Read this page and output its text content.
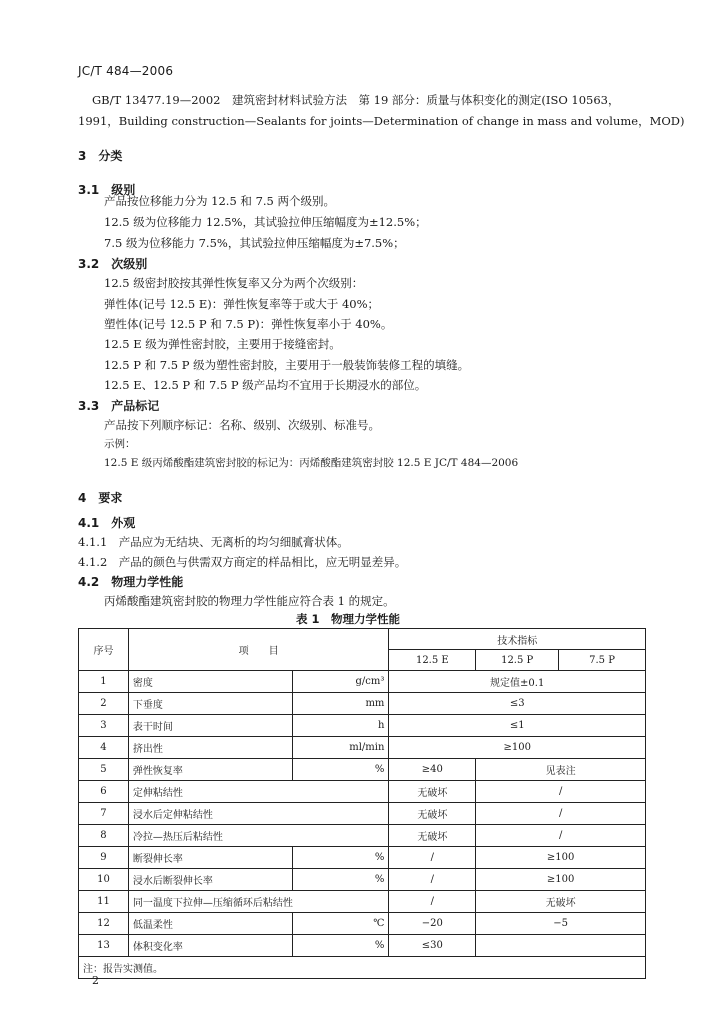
JC/T 484—2006
GB/T 13477.19—2002　建筑密封材料试验方法　第 19 部分：质量与体积变化的测定(ISO 10563，
1991，Building construction—Sealants for joints—Determination of change in mass and volume，MOD)
3　分类
3.1　级别
产品按位移能力分为 12.5 和 7.5 两个级别。
12.5 级为位移能力 12.5%，其试验拉伸压缩幅度为±12.5%；
7.5 级为位移能力 7.5%，其试验拉伸压缩幅度为±7.5%；
3.2　次级别
12.5 级密封胶按其弹性恢复率又分为两个次级别：
弹性体(记号 12.5 E)：弹性恢复率等于或大于 40%；
塑性体(记号 12.5 P 和 7.5 P)：弹性恢复率小于 40%。
12.5 E 级为弹性密封胶，主要用于接缝密封。
12.5 P 和 7.5 P 级为塑性密封胶，主要用于一般装饰装修工程的填缝。
12.5 E、12.5 P 和 7.5 P 级产品均不宜用于长期浸水的部位。
3.3　产品标记
产品按下列顺序标记：名称、级别、次级别、标准号。
示例：
12.5 E 级丙烯酸酯建筑密封胶的标记为：丙烯酸酯建筑密封胶 12.5 E JC/T 484—2006
4　要求
4.1　外观
4.1.1　产品应为无结块、无离析的均匀细腻膏状体。
4.1.2　产品的颜色与供需双方商定的样品相比，应无明显差异。
4.2　物理力学性能
丙烯酸酯建筑密封胶的物理力学性能应符合表 1 的规定。
表 1　物理力学性能
序号	项　　目		技术指标		
			12.5 E	12.5 P	7.5 P
1	密度	g/cm³	规定值±0.1		
2	下垂度	mm	≤3		
3	表干时间	h	≤1		
4	挤出性	ml/min	≥100		
5	弹性恢复率	%	≥40	见表注	
6	定伸粘结性		无破坏	/	
7	浸水后定伸粘结性		无破坏	/	
8	冷拉—热压后粘结性		无破坏	/	
9	断裂伸长率	%	/	≥100	
10	浸水后断裂伸长率	%	/	≥100	
11	同一温度下拉伸—压缩循环后粘结性		/	无破坏	
12	低温柔性	℃	−20	−5	
13	体积变化率	%	≤30		
注：报告实测值。					
2
